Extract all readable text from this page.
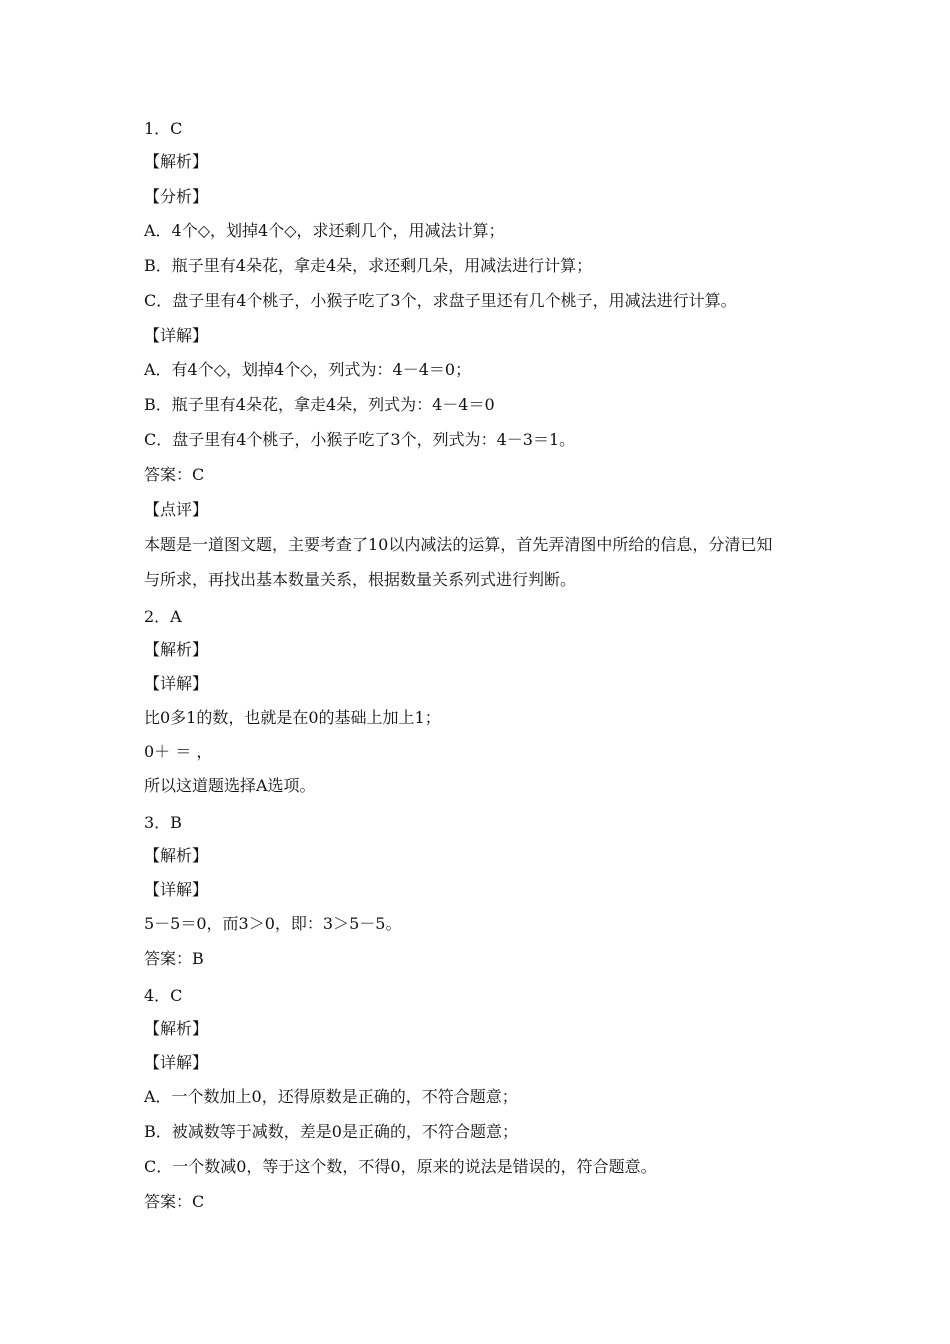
1．C
【解析】
【分析】
A．4个◇，划掉4个◇，求还剩几个，用减法计算；
B．瓶子里有4朵花，拿走4朵，求还剩几朵，用减法进行计算；
C．盘子里有4个桃子，小猴子吃了3个，求盘子里还有几个桃子，用减法进行计算。
【详解】
A．有4个◇，划掉4个◇，列式为：4－4＝0；
B．瓶子里有4朵花，拿走4朵，列式为：4－4＝0
C．盘子里有4个桃子，小猴子吃了3个，列式为：4－3＝1。
答案：C
【点评】
本题是一道图文题，主要考查了10以内减法的运算，首先弄清图中所给的信息，分清已知
与所求，再找出基本数量关系，根据数量关系列式进行判断。
2．A
【解析】
【详解】
比0多1的数，也就是在0的基础上加上1；
0＋ ＝ ，
所以这道题选择A选项。
3．B
【解析】
【详解】
5－5＝0，而3＞0，即：3＞5－5。
答案：B
4．C
【解析】
【详解】
A．一个数加上0，还得原数是正确的，不符合题意；
B．被减数等于减数，差是0是正确的，不符合题意；
C．一个数减0，等于这个数，不得0，原来的说法是错误的，符合题意。
答案：C
